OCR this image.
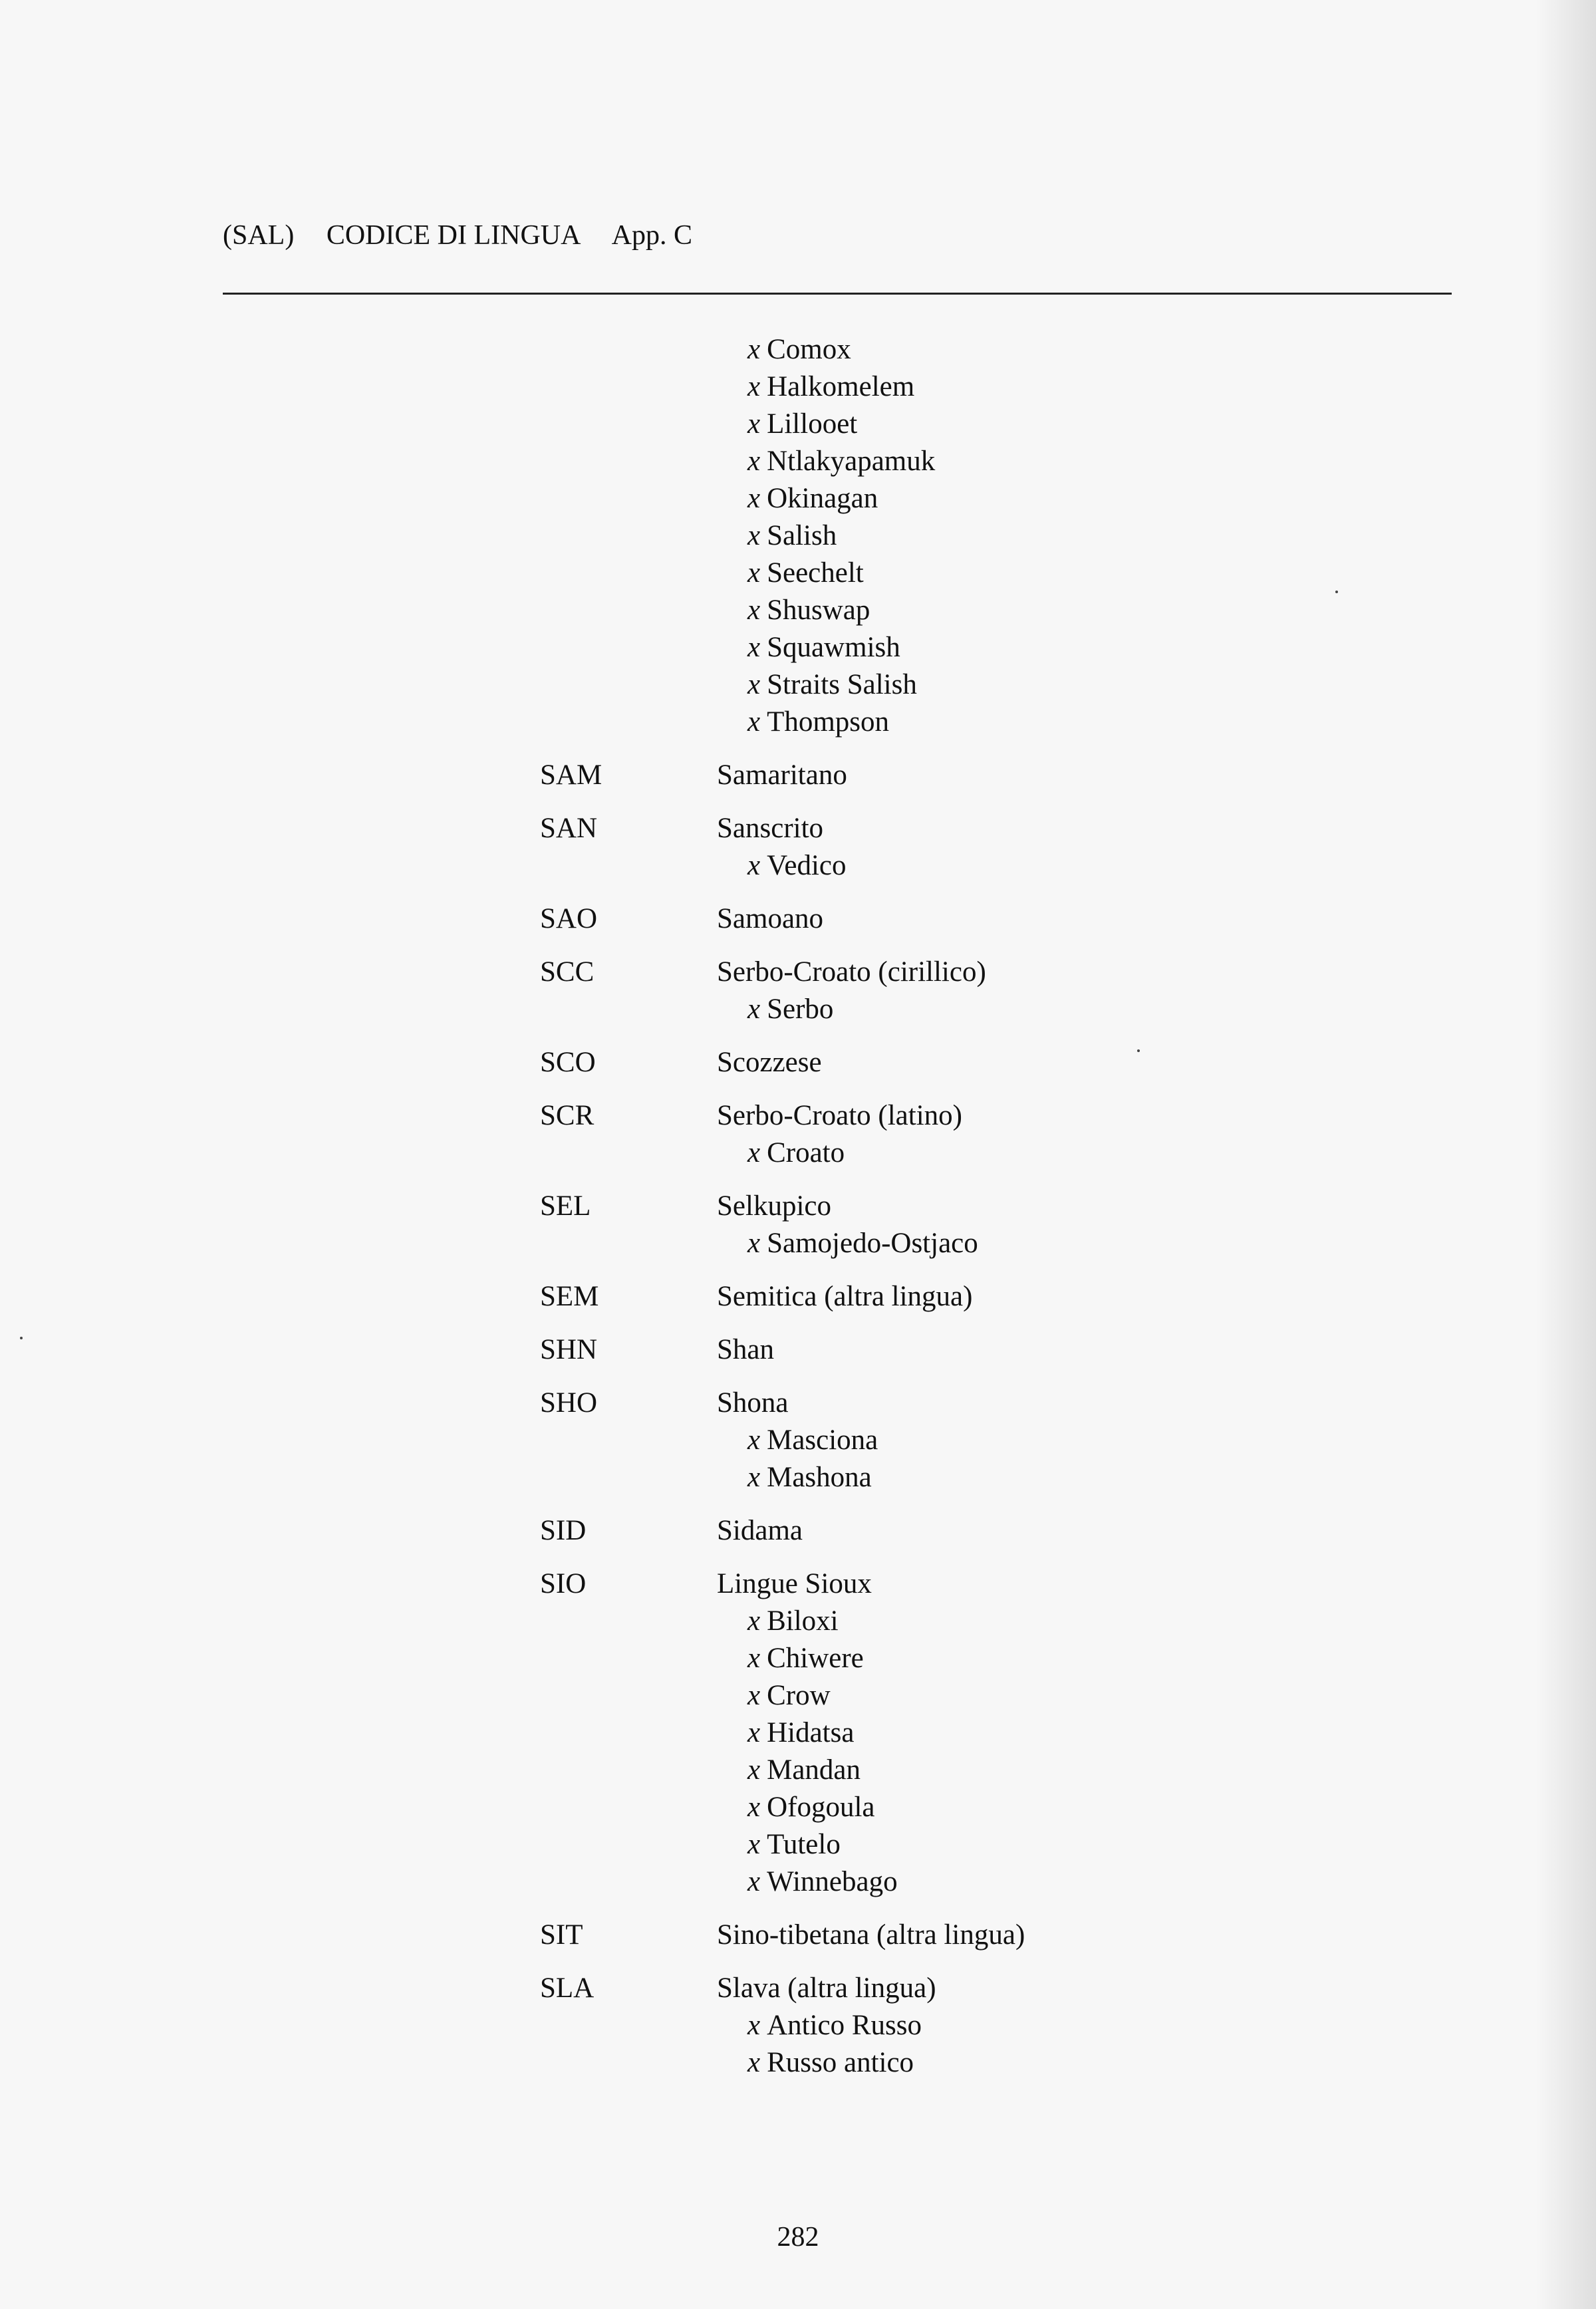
(SAL) CODICE DI LINGUA App. C
x Comox
x Halkomelem
x Lillooet
x Ntlakyapamuk
x Okinagan
x Salish
x Seechelt
x Shuswap
x Squawmish
x Straits Salish
x Thompson
SAM	Samaritano
SAN	Sanscrito
x Vedico
SAO	Samoano
SCC	Serbo-Croato (cirillico)
x Serbo
SCO	Scozzese
SCR	Serbo-Croato (latino)
x Croato
SEL	Selkupico
x Samojedo-Ostjaco
SEM	Semitica (altra lingua)
SHN	Shan
SHO	Shona
x Masciona
x Mashona
SID	Sidama
SIO	Lingue Sioux
x Biloxi
x Chiwere
x Crow
x Hidatsa
x Mandan
x Ofogoula
x Tutelo
x Winnebago
SIT	Sino-tibetana (altra lingua)
SLA	Slava (altra lingua)
x Antico Russo
x Russo antico
282
